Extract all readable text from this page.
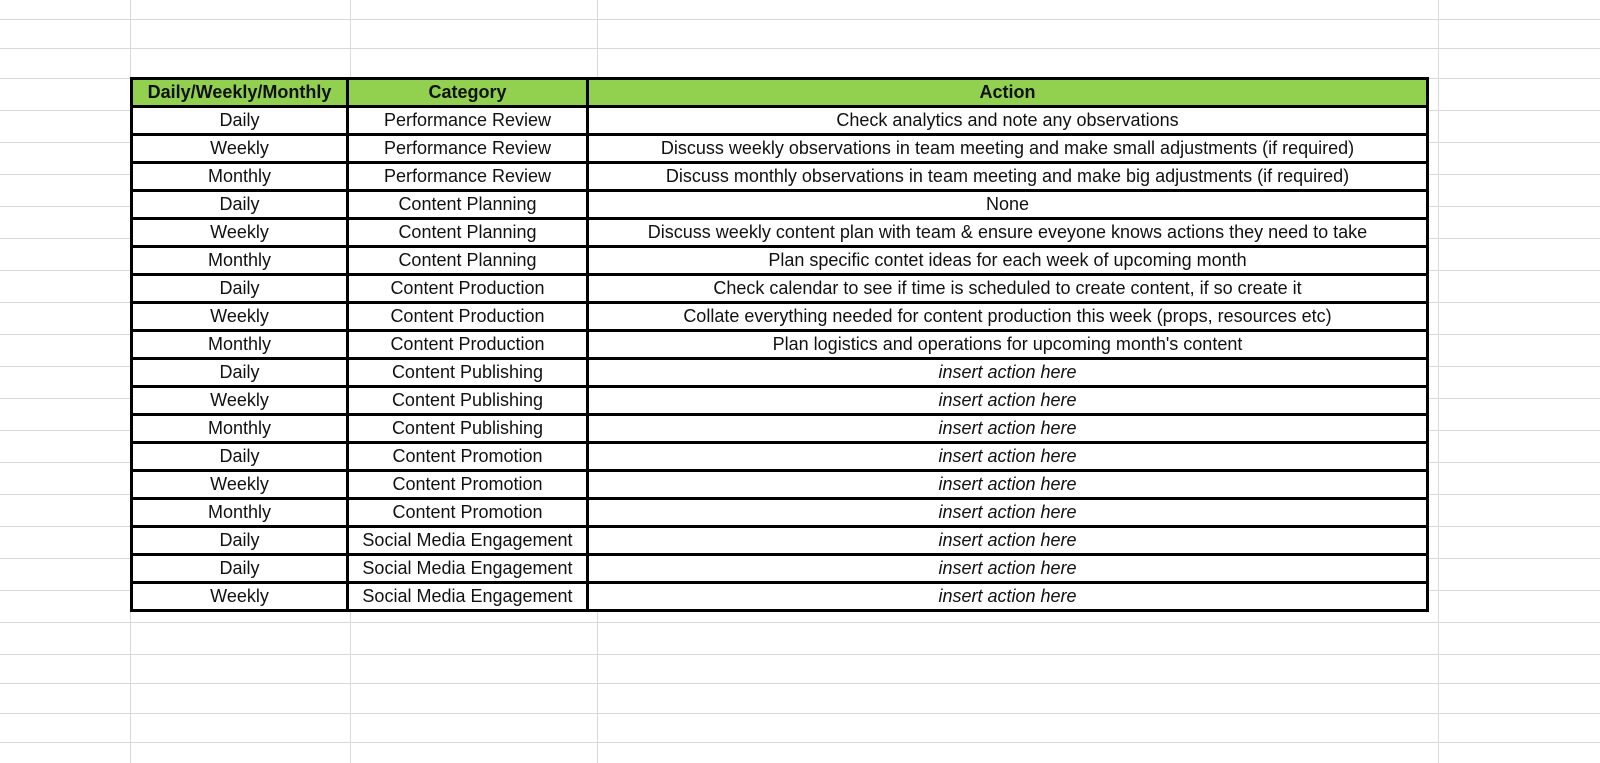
Daily/Weekly/Monthly	Category	Action
Daily	Performance Review	Check analytics and note any observations
Weekly	Performance Review	Discuss weekly observations in team meeting and make small adjustments (if required)
Monthly	Performance Review	Discuss monthly observations in team meeting and make big adjustments (if required)
Daily	Content Planning	None
Weekly	Content Planning	Discuss weekly content plan with team & ensure eveyone knows actions they need to take
Monthly	Content Planning	Plan specific contet ideas for each week of upcoming month
Daily	Content Production	Check calendar to see if time is scheduled to create content, if so create it
Weekly	Content Production	Collate everything needed for content production this week (props, resources etc)
Monthly	Content Production	Plan logistics and operations for upcoming month's content
Daily	Content Publishing	insert action here
Weekly	Content Publishing	insert action here
Monthly	Content Publishing	insert action here
Daily	Content Promotion	insert action here
Weekly	Content Promotion	insert action here
Monthly	Content Promotion	insert action here
Daily	Social Media Engagement	insert action here
Daily	Social Media Engagement	insert action here
Weekly	Social Media Engagement	insert action here
